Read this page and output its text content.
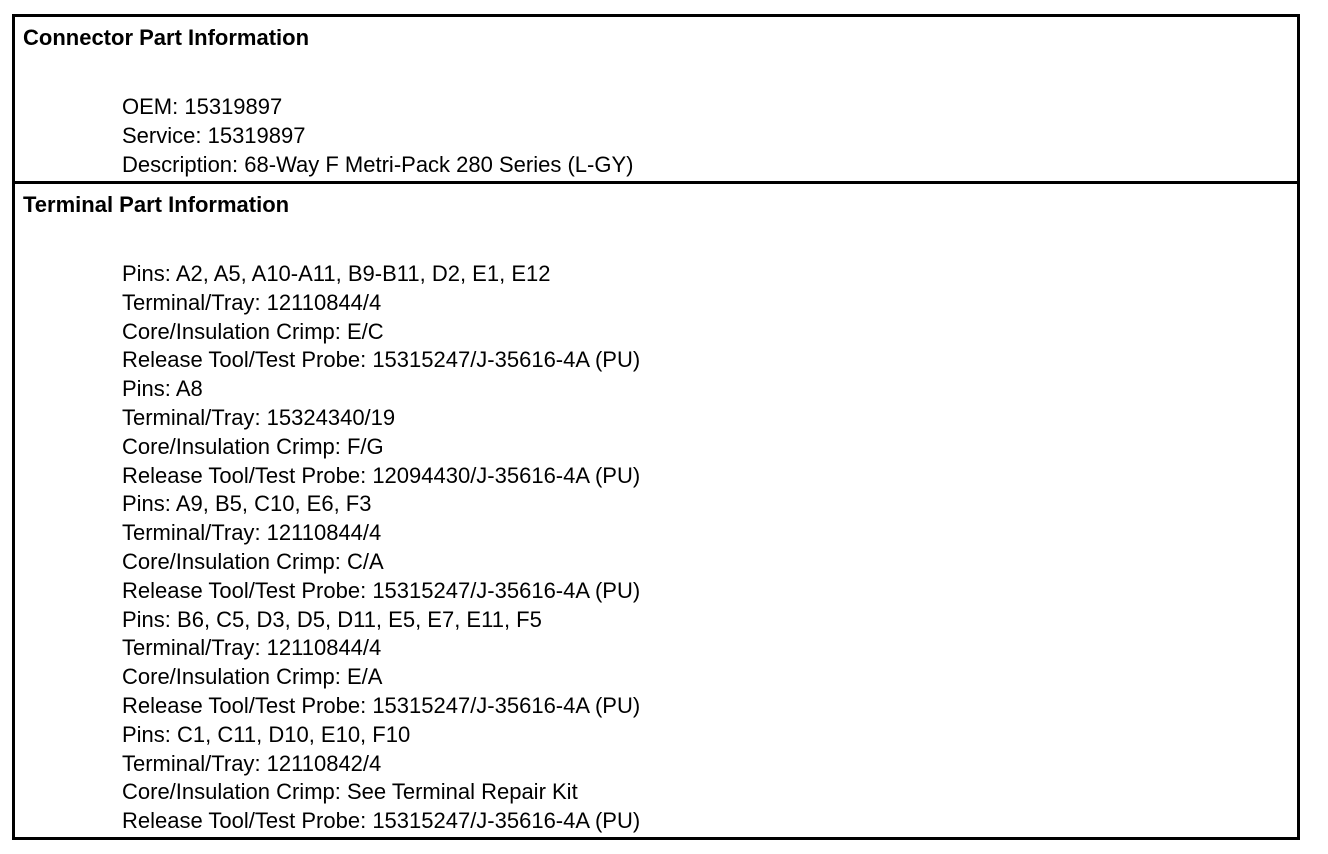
Connector Part Information
OEM : 15319897
Service : 15319897
Description : 68-Way F Metri-Pack 280 Series (L-GY)
Terminal Part Information
Pins : A2, A5, A10-A11, B9-B11, D2, E1, E12
Terminal/Tray : 12110844/4
Core/Insulation Crimp : E/C
Release Tool/Test Probe : 15315247/J-35616-4A (PU)
Pins : A8
Terminal/Tray : 15324340/19
Core/Insulation Crimp : F/G
Release Tool/Test Probe : 12094430/J-35616-4A (PU)
Pins : A9, B5, C10, E6, F3
Terminal/Tray : 12110844/4
Core/Insulation Crimp : C/A
Release Tool/Test Probe : 15315247/J-35616-4A (PU)
Pins : B6, C5, D3, D5, D11, E5, E7, E11, F5
Terminal/Tray : 12110844/4
Core/Insulation Crimp : E/A
Release Tool/Test Probe : 15315247/J-35616-4A (PU)
Pins : C1, C11, D10, E10, F10
Terminal/Tray : 12110842/4
Core/Insulation Crimp : See Terminal Repair Kit
Release Tool/Test Probe : 15315247/J-35616-4A (PU)
